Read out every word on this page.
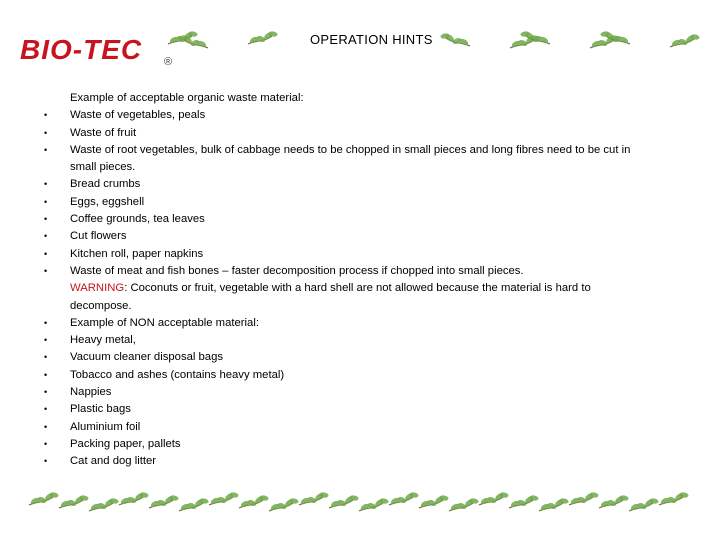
BIO-TEC ®
OPERATION HINTS
Example of acceptable organic waste material:
• Waste of vegetables, peals
• Waste of fruit
• Waste of root vegetables, bulk of cabbage needs to be chopped in small pieces and long fibres need to be cut in small pieces.
• Bread crumbs
• Eggs, eggshell
• Coffee grounds, tea leaves
• Cut flowers
• Kitchen roll, paper napkins
• Waste of meat and fish bones – faster decomposition process if chopped into small pieces.
WARNING: Coconuts or fruit, vegetable with a hard shell are not allowed because the material is hard to decompose.
• Example of NON acceptable material:
• Heavy metal,
• Vacuum cleaner disposal bags
• Tobacco and ashes (contains heavy metal)
• Nappies
• Plastic bags
• Aluminium foil
• Packing paper, pallets
• Cat and dog litter
